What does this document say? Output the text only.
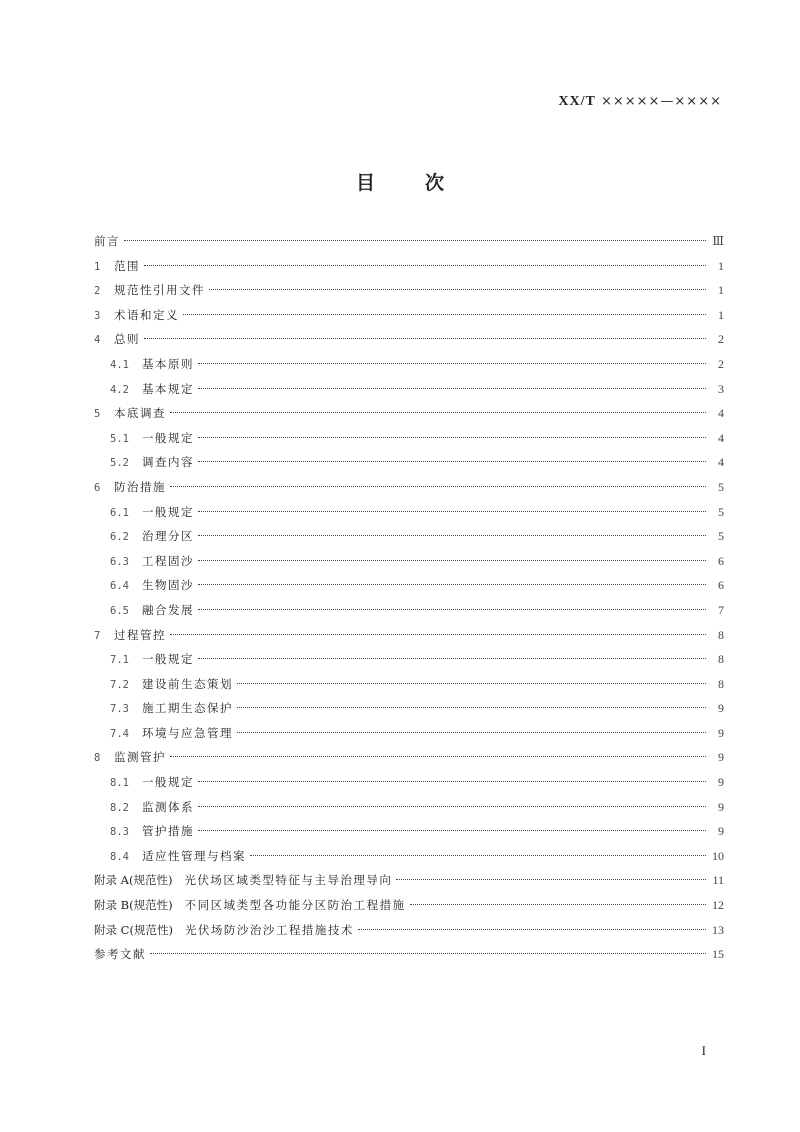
XX/T ×××××—××××
目	次
前言	Ⅲ
1	范围	1
2	规范性引用文件	1
3	术语和定义	1
4	总则	2
4.1	基本原则	2
4.2	基本规定	3
5	本底调查	4
5.1	一般规定	4
5.2	调查内容	4
6	防治措施	5
6.1	一般规定	5
6.2	治理分区	5
6.3	工程固沙	6
6.4	生物固沙	6
6.5	融合发展	7
7	过程管控	8
7.1	一般规定	8
7.2	建设前生态策划	8
7.3	施工期生态保护	9
7.4	环境与应急管理	9
8	监测管护	9
8.1	一般规定	9
8.2	监测体系	9
8.3	管护措施	9
8.4	适应性管理与档案	10
附录 A(规范性) 光伏场区域类型特征与主导治理导向	11
附录 B(规范性) 不同区域类型各功能分区防治工程措施	12
附录 C(规范性) 光伏场防沙治沙工程措施技术	13
参考文献	15
I
